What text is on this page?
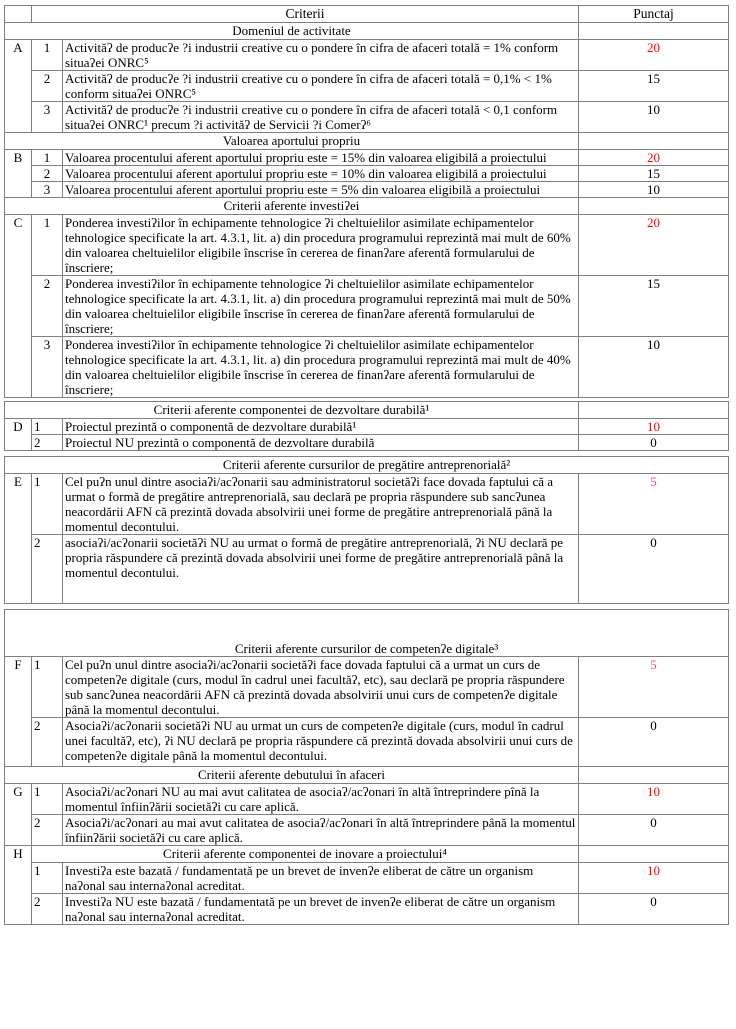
	Criterii		Punctaj
Domeniul de activitate			
A	1	Activităʔ de producʔe ?i industrii creative cu o pondere în cifra de afaceri totală = 1% conform situaʔei ONRC⁵	20
	2	Activităʔ de producʔe ?i industrii creative cu o pondere în cifra de afaceri totală = 0,1% < 1% conform situaʔei ONRC⁵	15
	3	Activităʔ de producʔe ?i industrii creative cu o pondere în cifra de afaceri totală < 0,1 conform situaʔei ONRC¹ precum ?i activităʔ de Servicii ?i Comerʔ⁶	10
Valoarea aportului propriu			
B	1	Valoarea procentului aferent aportului propriu este = 15% din valoarea eligibilă a proiectului	20
	2	Valoarea procentului aferent aportului propriu este = 10% din valoarea eligibilă a proiectului	15
	3	Valoarea procentului aferent aportului propriu este = 5% din valoarea eligibilă a proiectului	10
Criterii aferente investiʔei			
C	1	Ponderea investiʔilor în echipamente tehnologice ʔi cheltuielilor asimilate echipamentelor tehnologice specificate la art. 4.3.1, lit. a) din procedura programului reprezintă mai mult de 60% din valoarea cheltuielilor eligibile înscrise în cererea de finanʔare aferentă formularului de înscriere;	20
	2	Ponderea investiʔilor în echipamente tehnologice ʔi cheltuielilor asimilate echipamentelor tehnologice specificate la art. 4.3.1, lit. a) din procedura programului reprezintă mai mult de 50% din valoarea cheltuielilor eligibile înscrise în cererea de finanʔare aferentă formularului de înscriere;	15
	3	Ponderea investiʔilor în echipamente tehnologice ʔi cheltuielilor asimilate echipamentelor tehnologice specificate la art. 4.3.1, lit. a) din procedura programului reprezintă mai mult de 40% din valoarea cheltuielilor eligibile înscrise în cererea de finanʔare aferentă formularului de înscriere;	10
Criterii aferente componentei de dezvoltare durabilă¹			
D	1	Proiectul prezintă o componentă de dezvoltare durabilă¹	10
	2	Proiectul NU prezintă o componentă de dezvoltare durabilă	0
Criterii aferente cursurilor de pregătire antreprenorială²			
E	1	Cel puʔn unul dintre asociaʔi/acʔonarii sau administratorul societăʔi face dovada faptului că a urmat o formă de pregătire antreprenorială, sau declară pe propria răspundere sub sancʔunea neacordării AFN că prezintă dovada absolvirii unei forme de pregătire antreprenorială până la momentul decontului.	5
	2	asociaʔi/acʔonarii societăʔi NU au urmat o formă de pregătire antreprenorială, ʔi NU declară pe propria răspundere că prezintă dovada absolvirii unei forme de pregătire antreprenorială până la momentul decontului.	0
Criterii aferente cursurilor de competenʔe digitale³			
F	1	Cel puʔn unul dintre asociaʔi/acʔonarii societăʔi face dovada faptului că a urmat un curs de competenʔe digitale (curs, modul în cadrul unei facultăʔ, etc), sau declară pe propria răspundere sub sancʔunea neacordării AFN că prezintă dovada absolvirii unui curs de competenʔe digitale până la momentul decontului.	5
	2	Asociaʔi/acʔonarii societăʔi NU au urmat un curs de competenʔe digitale (curs, modul în cadrul unei facultăʔ, etc), ʔi NU declară pe propria răspundere că prezintă dovada absolvirii unui curs de competenʔe digitale până la momentul decontului.	0
Criterii aferente debutului în afaceri			
G	1	Asociaʔi/acʔonari NU au mai avut calitatea de asociaʔ/acʔonari în altă întreprindere pînă la momentul înfiinʔării societăʔi cu care aplică.	10
	2	Asociaʔi/acʔonari au mai avut calitatea de asociaʔ/acʔonari în altă întreprindere până la momentul înfiinʔării societăʔi cu care aplică.	0
H	Criterii aferente componentei de inovare a proiectului⁴		
	1	Investiʔa este bazată / fundamentată pe un brevet de invenʔe eliberat de către un organism naʔonal sau internaʔonal acreditat.	10
	2	Investiʔa NU este bazată / fundamentată pe un brevet de invenʔe eliberat de către un organism naʔonal sau internaʔonal acreditat.	0
